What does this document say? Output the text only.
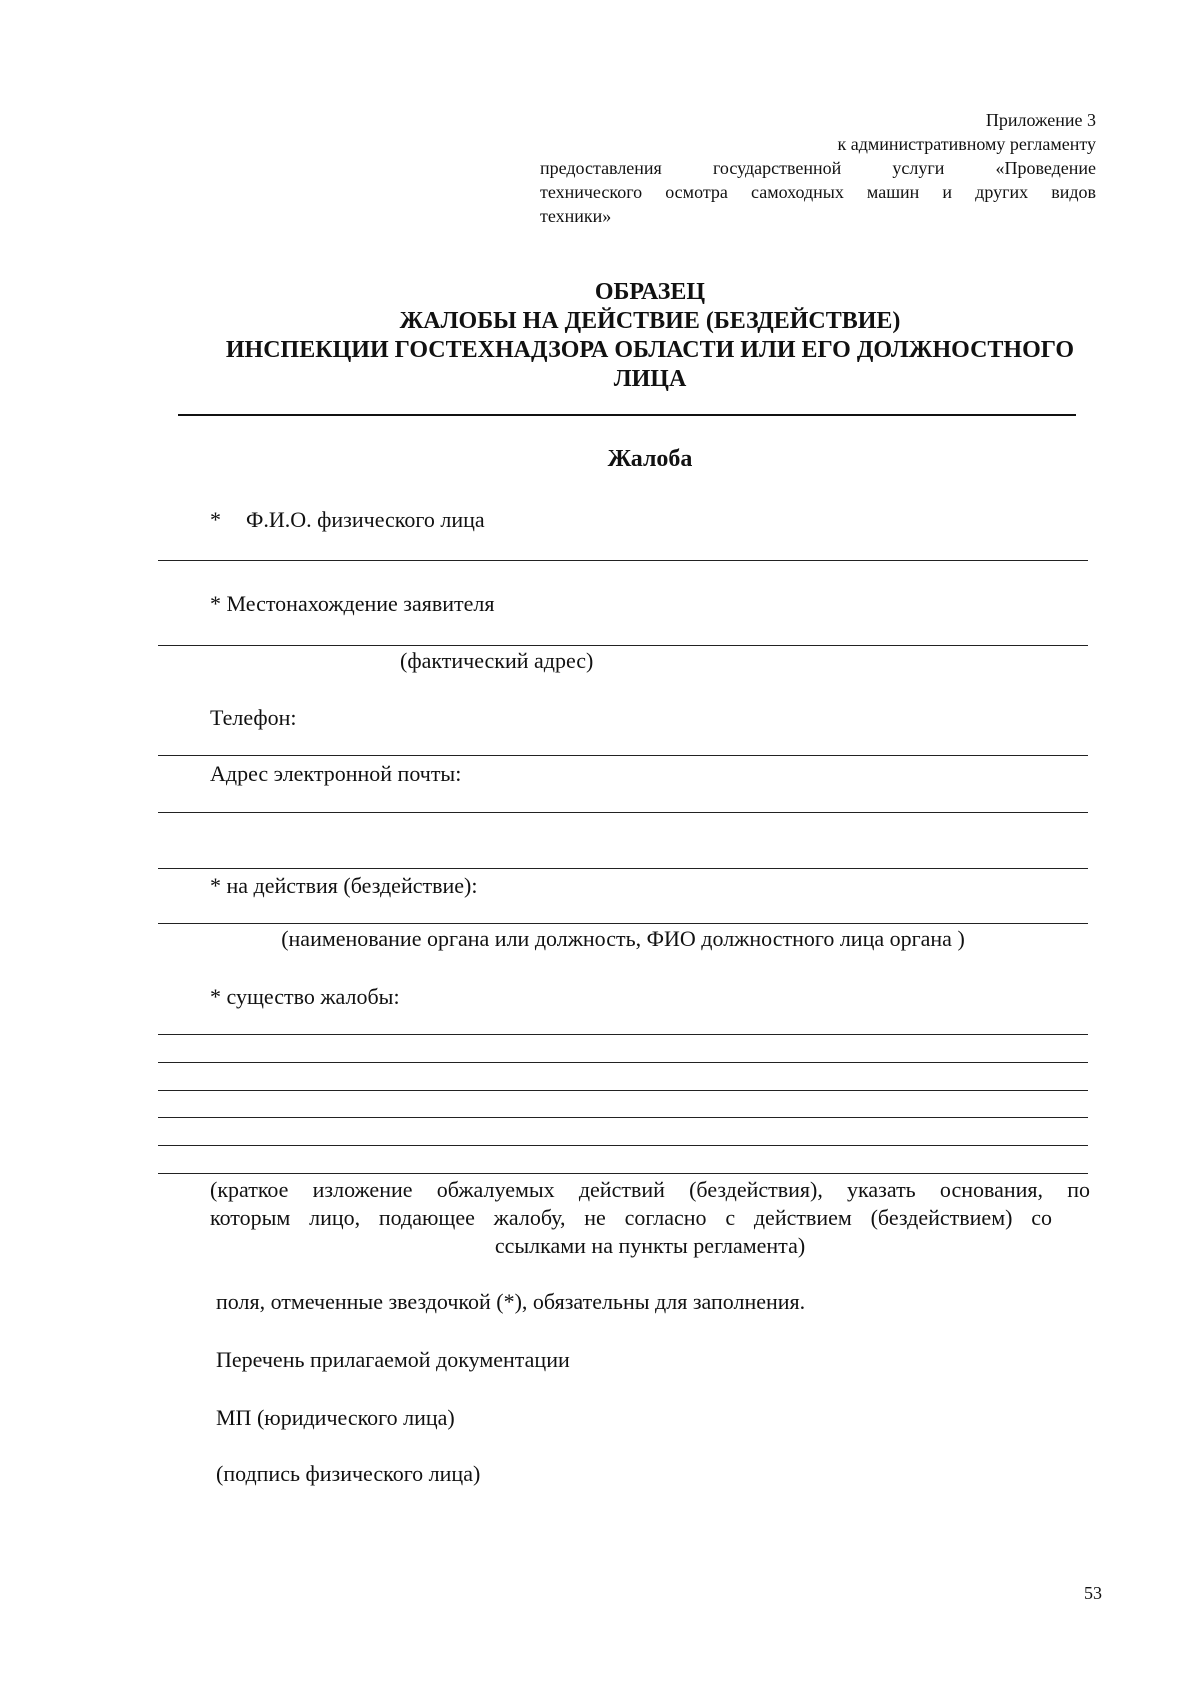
Приложение 3
к административному регламенту
предоставления государственной услуги «Проведение
технического осмотра самоходных машин и других видов
техники»
ОБРАЗЕЦ
ЖАЛОБЫ НА ДЕЙСТВИЕ (БЕЗДЕЙСТВИЕ)
ИНСПЕКЦИИ ГОСТЕХНАДЗОРА ОБЛАСТИ ИЛИ ЕГО ДОЛЖНОСТНОГО
ЛИЦА
Жалоба
* Ф.И.О. физического лица
* Местонахождение заявителя
(фактический адрес)
Телефон:
Адрес электронной почты:
* на действия (бездействие):
(наименование органа или должность, ФИО должностного лица органа )
* существо жалобы:
(краткое изложение обжалуемых действий (бездействия), указать основания, по
которым лицо, подающее жалобу, не согласно с действием (бездействием) со
ссылками на пункты регламента)
поля, отмеченные звездочкой (*), обязательны для заполнения.
Перечень прилагаемой документации
МП (юридического лица)
(подпись физического лица)
53
